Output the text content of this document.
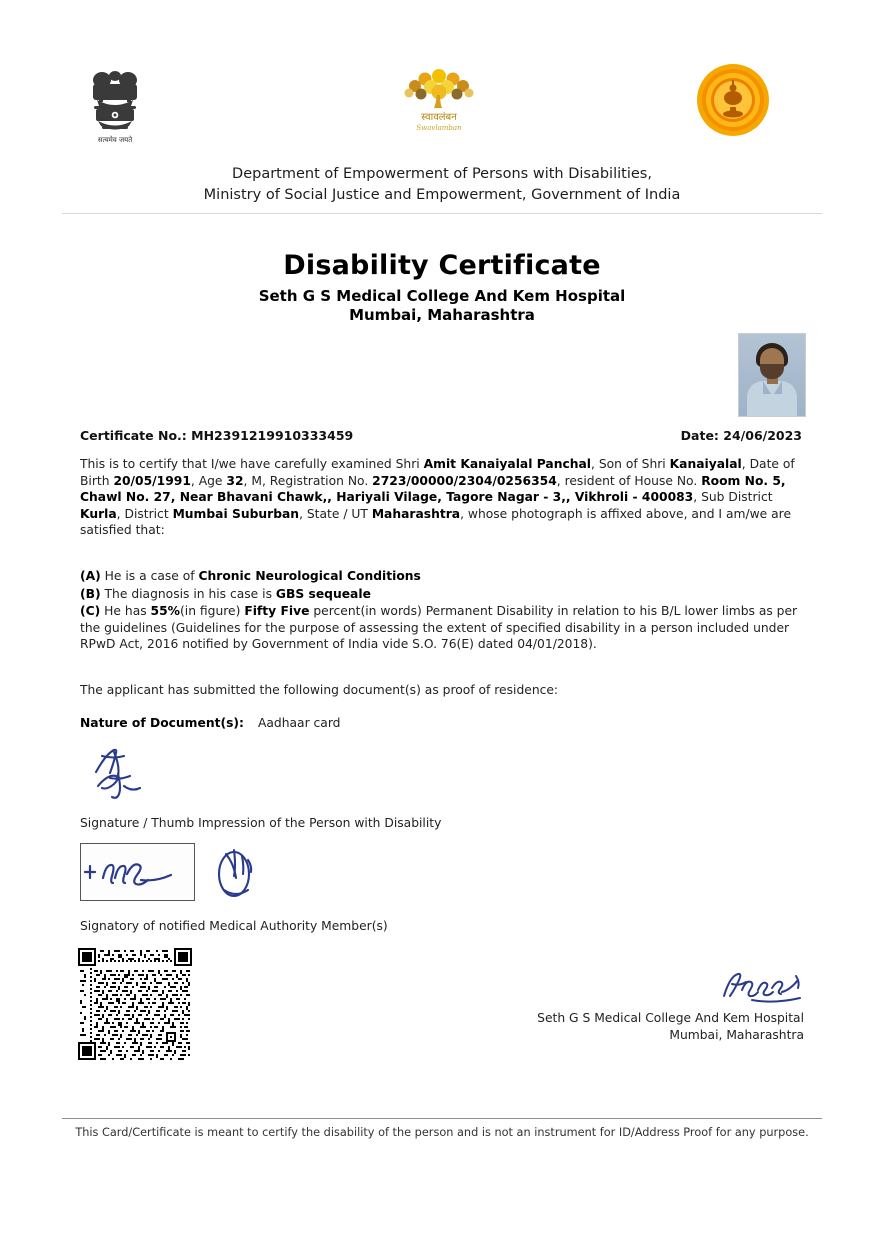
सत्यमेव जयते
स्वावलंबन
Swavlamban
Department of Empowerment of Persons with Disabilities,
Ministry of Social Justice and Empowerment, Government of India
Disability Certificate
Seth G S Medical College And Kem Hospital
Mumbai, Maharashtra
Certificate No.: MH2391219910333459	Date: 24/06/2023
This is to certify that I/we have carefully examined Shri Amit Kanaiyalal Panchal, Son of Shri Kanaiyalal, Date of Birth 20/05/1991, Age 32, M, Registration No. 2723/00000/2304/0256354, resident of House No. Room No. 5, Chawl No. 27, Near Bhavani Chawk,, Hariyali Vilage, Tagore Nagar - 3,, Vikhroli - 400083, Sub District Kurla, District Mumbai Suburban, State / UT Maharashtra, whose photograph is affixed above, and I am/we are satisfied that:
(A) He is a case of Chronic Neurological Conditions
(B) The diagnosis in his case is GBS sequeale
(C) He has 55%(in figure) Fifty Five percent(in words) Permanent Disability in relation to his B/L lower limbs as per the guidelines (Guidelines for the purpose of assessing the extent of specified disability in a person included under RPwD Act, 2016 notified by Government of India vide S.O. 76(E) dated 04/01/2018).
The applicant has submitted the following document(s) as proof of residence:
Nature of Document(s): Aadhaar card
Signature / Thumb Impression of the Person with Disability
Signatory of notified Medical Authority Member(s)
Seth G S Medical College And Kem Hospital
Mumbai, Maharashtra
This Card/Certificate is meant to certify the disability of the person and is not an instrument for ID/Address Proof for any purpose.
